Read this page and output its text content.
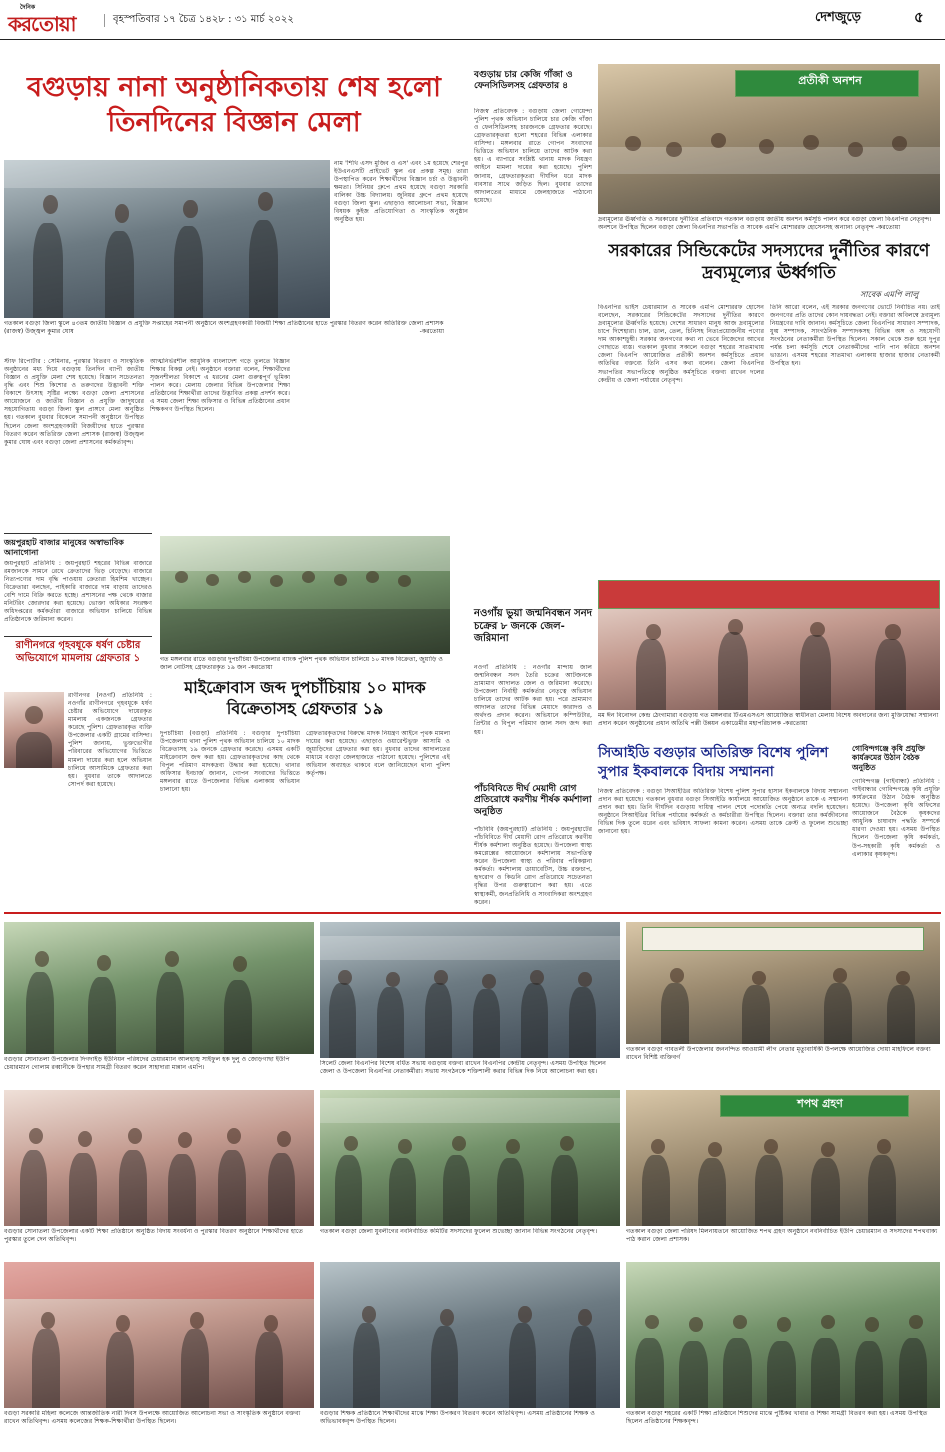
দৈনিক
করতোয়া	বৃহস্পতিবার ১৭ চৈত্র ১৪২৮ : ৩১ মার্চ ২০২২	দেশজুড়ে	৫
বগুড়ায় নানা অনুষ্ঠানিকতায় শেষ হলো তিনদিনের বিজ্ঞান মেলা
গতকাল বগুড়া জিলা স্কুলে ৪৩তম জাতীয় বিজ্ঞান ও প্রযুক্তি সপ্তাহের সমাপনী অনুষ্ঠানে অংশগ্রহণকারী বিজয়ী শিক্ষা প্রতিষ্ঠানের হাতে পুরস্কার বিতরণ করেন অতিরিক্ত জেলা প্রশাসক (রাজস্ব) উজ্জ্বল কুমার ঘোষ	-করতোয়া
স্টাফ রিপোর্টার : সেমিনার, পুরস্কার বিতরণ ও সাংস্কৃতিক অনুষ্ঠানের মধ্য দিয়ে বগুড়ায় তিনদিন ব্যাপী জাতীয় বিজ্ঞান ও প্রযুক্তি মেলা শেষ হয়েছে। বিজ্ঞান সচেতনতা বৃদ্ধি এবং শিশু কিশোর ও তরুণদের উদ্ভাবনী শক্তি বিকাশে উৎসাহ সৃষ্টির লক্ষ্যে বগুড়া জেলা প্রশাসনের আয়োজনে ও জাতীয় বিজ্ঞান ও প্রযুক্তি জাদুঘরের সহযোগিতায় বগুড়া জিলা স্কুল প্রাঙ্গণে মেলা অনুষ্ঠিত হয়। গতকাল বুধবার বিকেলে সমাপনী অনুষ্ঠানে উপস্থিত ছিলেন জেলা অংশগ্রহণকারী বিজয়ীদের হাতে পুরস্কার বিতরণ করেন অতিরিক্ত জেলা প্রশাসক (রাজস্ব) উজ্জ্বল কুমার ঘোষ এবং বগুড়া জেলা প্রশাসনের কর্মকর্তাবৃন্দ।
আত্মনির্ভরশীল আধুনিক বাংলাদেশ গড়ে তুলতে বিজ্ঞান শিক্ষার বিকল্প নেই। অনুষ্ঠানে বক্তারা বলেন, শিক্ষার্থীদের সৃজনশীলতা বিকাশে এ ধরনের মেলা গুরুত্বপূর্ণ ভূমিকা পালন করে। মেলায় জেলার বিভিন্ন উপজেলার শিক্ষা প্রতিষ্ঠানের শিক্ষার্থীরা তাদের উদ্ভাবিত প্রকল্প প্রদর্শন করে। এ সময় জেলা শিক্ষা অফিসার ও বিভিন্ন প্রতিষ্ঠানের প্রধান শিক্ষকগণ উপস্থিত ছিলেন।
নাম 'শিখি এসদ মুজিব ও এস' এবং ১ম হয়েছে শেরপুর ইউএনএসটি প্রাইভেট স্কুল এর প্রকল্প সমূহ। তারা উপস্থাপিত করেন শিক্ষার্থীদের বিজ্ঞান চর্চা ও উদ্ভাবনী ক্ষমতা। সিনিয়র গ্রুপে প্রথম হয়েছে বগুড়া সরকারি বালিকা উচ্চ বিদ্যালয়। জুনিয়র গ্রুপে প্রথম হয়েছে বগুড়া জিলা স্কুল। এছাড়াও আলোচনা সভা, বিজ্ঞান বিষয়ক কুইজ প্রতিযোগিতা ও সাংস্কৃতিক অনুষ্ঠান অনুষ্ঠিত হয়।
বগুড়ায় চার কেজি গাঁজা ও ফেনসিডিলসহ গ্রেফতার ৪
নিজস্ব প্রতিবেদক : বগুড়ায় জেলা গোয়েন্দা পুলিশ পৃথক অভিযান চালিয়ে চার কেজি গাঁজা ও ফেনসিডিলসহ চারজনকে গ্রেফতার করেছে। গ্রেফতারকৃতরা হলো শহরের বিভিন্ন এলাকার বাসিন্দা। মঙ্গলবার রাতে গোপন সংবাদের ভিত্তিতে অভিযান চালিয়ে তাদের আটক করা হয়। এ ব্যাপারে সংশ্লিষ্ট থানায় মাদক নিয়ন্ত্রণ আইনে মামলা দায়ের করা হয়েছে। পুলিশ জানায়, গ্রেফতারকৃতরা দীর্ঘদিন ধরে মাদক ব্যবসার সাথে জড়িত ছিল। বুধবার তাদের আদালতের মাধ্যমে জেলহাজতে পাঠানো হয়েছে।
প্রতীকী অনশন
দ্রব্যমূল্যের ঊর্ধ্বগতি ও সরকারের দুর্নীতির প্রতিবাদে গতকাল বগুড়ায় জাতীয় অনশন কর্মসূচি পালন করে বগুড়া জেলা বিএনপির নেতৃবৃন্দ। অনশনে উপস্থিত ছিলেন বগুড়া জেলা বিএনপির সভাপতি ও সাবেক এমপি মোশাররফ হোসেনসহ অন্যান্য নেতৃবৃন্দ -করতোয়া
সরকারের সিন্ডিকেটের সদস্যদের দুর্নীতির কারণে দ্রব্যমূল্যের ঊর্ধ্বগতি
সাবেক এমপি লালু
বিএনপির ভাইস চেয়ারম্যান ও সাবেক এমপি মোশাররফ হোসেন বলেছেন, সরকারের সিন্ডিকেটের সদস্যদের দুর্নীতির কারণে দ্রব্যমূল্যের ঊর্ধ্বগতি হয়েছে। দেশের সাধারণ মানুষ আজ দ্রব্যমূল্যের চাপে দিশেহারা। চাল, ডাল, তেল, চিনিসহ নিত্যপ্রয়োজনীয় পণ্যের দাম আকাশচুম্বী। সরকার জনগণের কথা না ভেবে নিজেদের আখের গোছাতে ব্যস্ত। গতকাল বুধবার সকালে বগুড়া শহরের সাতমাথায় জেলা বিএনপি আয়োজিত প্রতীকী অনশন কর্মসূচিতে প্রধান অতিথির বক্তব্যে তিনি এসব কথা বলেন। জেলা বিএনপির সভাপতির সভাপতিত্বে অনুষ্ঠিত কর্মসূচিতে বক্তব্য রাখেন দলের কেন্দ্রীয় ও জেলা পর্যায়ের নেতৃবৃন্দ।
তিনি আরো বলেন, এই সরকার জনগণের ভোটে নির্বাচিত নয়। তাই জনগণের প্রতি তাদের কোন দায়বদ্ধতা নেই। বক্তারা অবিলম্বে দ্রব্যমূল্য নিয়ন্ত্রণের দাবি জানান। কর্মসূচিতে জেলা বিএনপির সাধারণ সম্পাদক, যুগ্ম সম্পাদক, সাংগঠনিক সম্পাদকসহ বিভিন্ন অঙ্গ ও সহযোগী সংগঠনের নেতাকর্মীরা উপস্থিত ছিলেন। সকাল থেকে শুরু হয়ে দুপুর পর্যন্ত চলা কর্মসূচি শেষে নেতাকর্মীদের পানি পান করিয়ে অনশন ভাঙান। এসময় শহরের সাতমাথা এলাকায় হাজার হাজার নেতাকর্মী উপস্থিত হন।
জয়পুরহাট বাজার মানুষের অস্বাভাবিক আনাগোনা
জয়পুরহাট প্রতিনিধি : জয়পুরহাট শহরের বিভিন্ন বাজারে রমজানকে সামনে রেখে ক্রেতাদের ভিড় বেড়েছে। বাজারে নিত্যপণ্যের দাম বৃদ্ধি পাওয়ায় ক্রেতারা হিমশিম খাচ্ছেন। বিক্রেতারা বলছেন, পাইকারি বাজারে দাম বাড়ায় তাদেরও বেশি দামে বিক্রি করতে হচ্ছে। প্রশাসনের পক্ষ থেকে বাজার মনিটরিং জোরদার করা হয়েছে। ভোক্তা অধিকার সংরক্ষণ অধিদপ্তরের কর্মকর্তারা বাজারে অভিযান চালিয়ে বিভিন্ন প্রতিষ্ঠানকে জরিমানা করেন।
রাণীনগরে গৃহবধূকে ধর্ষণ চেষ্টার অভিযোগে মামলায় গ্রেফতার ১
রাণীনগর (নওগাঁ) প্রতিনিধি : নওগাঁর রাণীনগরে গৃহবধূকে ধর্ষণ চেষ্টার অভিযোগে দায়েরকৃত মামলায় একজনকে গ্রেফতার করেছে পুলিশ। গ্রেফতারকৃত ব্যক্তি উপজেলার একটি গ্রামের বাসিন্দা। পুলিশ জানায়, ভুক্তভোগীর পরিবারের অভিযোগের ভিত্তিতে মামলা দায়ের করা হলে অভিযান চালিয়ে আসামিকে গ্রেফতার করা হয়। বুধবার তাকে আদালতে সোপর্দ করা হয়েছে।
গত মঙ্গলবার রাতে বগুড়ার দুপচাঁচিয়া উপজেলার ব্যাংক পুলিশ পৃথক অভিযান চালিয়ে ১০ মাদক বিক্রেতা, জুয়াড়ি ও জাল নোটসহ গ্রেফতারকৃত ১৯ জন -করতোয়া
মাইক্রোবাস জব্দ দুপচাঁচিয়ায় ১০ মাদক বিক্রেতাসহ গ্রেফতার ১৯
দুপচাঁচিয়া (বগুড়া) প্রতিনিধি : বগুড়ার দুপচাঁচিয়া উপজেলায় থানা পুলিশ পৃথক অভিযান চালিয়ে ১০ মাদক বিক্রেতাসহ ১৯ জনকে গ্রেফতার করেছে। এসময় একটি মাইক্রোবাস জব্দ করা হয়। গ্রেফতারকৃতদের কাছ থেকে বিপুল পরিমাণ মাদকদ্রব্য উদ্ধার করা হয়েছে। থানার অফিসার ইনচার্জ জানান, গোপন সংবাদের ভিত্তিতে মঙ্গলবার রাতে উপজেলার বিভিন্ন এলাকায় অভিযান চালানো হয়।
গ্রেফতারকৃতদের বিরুদ্ধে মাদক নিয়ন্ত্রণ আইনে পৃথক মামলা দায়ের করা হয়েছে। এছাড়াও ওয়ারেন্টভুক্ত আসামি ও জুয়াড়িদের গ্রেফতার করা হয়। বুধবার তাদের আদালতের মাধ্যমে বগুড়া জেলহাজতে পাঠানো হয়েছে। পুলিশের এই অভিযান অব্যাহত থাকবে বলে জানিয়েছেন থানা পুলিশ কর্তৃপক্ষ।
নওগাঁয় ভুয়া জন্মনিবন্ধন সনদ চক্রের ৮ জনকে জেল-জরিমানা
নওগাঁ প্রতিনিধি : নওগাঁর মান্দায় জাল জন্মনিবন্ধন সনদ তৈরি চক্রের আটজনকে ভ্রাম্যমাণ আদালত জেল ও জরিমানা করেছে। উপজেলা নির্বাহী কর্মকর্তার নেতৃত্বে অভিযান চালিয়ে তাদের আটক করা হয়। পরে ভ্রাম্যমাণ আদালত তাদের বিভিন্ন মেয়াদে কারাদণ্ড ও অর্থদণ্ড প্রদান করেন। অভিযানে কম্পিউটার, প্রিন্টার ও বিপুল পরিমাণ জাল সনদ জব্দ করা হয়।
মম ঈন বিনোদন কেন্দ্র ঠেংগামারা বগুড়ায় গত মঙ্গলবার টিএমএসএস আয়োজিত স্বাধীনতা মেলায় বিশেষ অবদানের জন্য মুক্তিযোদ্ধা সম্মাননা প্রদান করেন অনুষ্ঠানের প্রধান অতিথি পল্লী উন্নয়ন একাডেমীর মহাপরিচালক -করতোয়া
পাঁচবিবিতে দীর্ঘ মেয়াদী রোগ প্রতিরোধে করণীয় শীর্ষক কর্মশালা অনুষ্ঠিত
পাঁচবিবি (জয়পুরহাট) প্রতিনিধি : জয়পুরহাটের পাঁচবিবিতে দীর্ঘ মেয়াদী রোগ প্রতিরোধে করণীয় শীর্ষক কর্মশালা অনুষ্ঠিত হয়েছে। উপজেলা স্বাস্থ্য কমপ্লেক্সের আয়োজনে কর্মশালায় সভাপতিত্ব করেন উপজেলা স্বাস্থ্য ও পরিবার পরিকল্পনা কর্মকর্তা। কর্মশালায় ডায়াবেটিস, উচ্চ রক্তচাপ, হৃদরোগ ও কিডনি রোগ প্রতিরোধে সচেতনতা বৃদ্ধির উপর গুরুত্বারোপ করা হয়। এতে স্বাস্থ্যকর্মী, জনপ্রতিনিধি ও সাংবাদিকরা অংশগ্রহণ করেন।
সিআইডি বগুড়ার অতিরিক্ত বিশেষ পুলিশ সুপার ইকবালকে বিদায় সম্মাননা
নিজস্ব প্রতিবেদক : বগুড়া সিআইডির অতিরিক্ত বিশেষ পুলিশ সুপার হাসান ইকবালকে বিদায় সম্মাননা প্রদান করা হয়েছে। গতকাল বুধবার বগুড়া সিআইডি কার্যালয়ে আয়োজিত অনুষ্ঠানে তাকে এ সম্মাননা প্রদান করা হয়। তিনি দীর্ঘদিন বগুড়ায় দায়িত্ব পালন শেষে পদোন্নতি পেয়ে অন্যত্র বদলি হয়েছেন। অনুষ্ঠানে সিআইডির বিভিন্ন পর্যায়ের কর্মকর্তা ও কর্মচারীরা উপস্থিত ছিলেন। বক্তারা তার কর্মজীবনের বিভিন্ন দিক তুলে ধরেন এবং ভবিষ্যৎ সাফল্য কামনা করেন। এসময় তাকে ক্রেস্ট ও ফুলেল শুভেচ্ছা জানানো হয়।
গোবিন্দগঞ্জে কৃষি প্রযুক্তি কার্যক্রমের উঠান বৈঠক অনুষ্ঠিত
গোবিন্দগঞ্জ (গাইবান্ধা) প্রতিনিধি : গাইবান্ধার গোবিন্দগঞ্জে কৃষি প্রযুক্তি কার্যক্রমের উঠান বৈঠক অনুষ্ঠিত হয়েছে। উপজেলা কৃষি অফিসের আয়োজনে বৈঠকে কৃষকদের আধুনিক চাষাবাদ পদ্ধতি সম্পর্কে ধারণা দেওয়া হয়। এসময় উপস্থিত ছিলেন উপজেলা কৃষি কর্মকর্তা, উপ-সহকারী কৃষি কর্মকর্তা ও এলাকার কৃষকবৃন্দ।
বগুড়ার সোনাতলা উপজেলার দিগদাইড় ইউনিয়ন পরিষদের চেয়ারম্যান আলহাজ্ব সাইফুল হক দুলু ও জোড়গাছা ইউপি চেয়ারম্যান গোলাম রব্বানীকে উপহার সামগ্রী বিতরণ করেন সাহাদারা মান্নান এমপি।
সিলেট জেলা বিএনপির বিশেষ বর্ধিত সভায় বগুড়ায় বক্তব্য রাখেন বিএনপির কেন্দ্রীয় নেতৃবৃন্দ। এসময় উপস্থিত ছিলেন জেলা ও উপজেলা বিএনপির নেতাকর্মীরা। সভায় সংগঠনকে শক্তিশালী করার বিভিন্ন দিক নিয়ে আলোচনা করা হয়।
গতকাল বগুড়া গাবতলী উপজেলার জননন্দিত আওয়ামী লীগ নেতার মৃত্যুবার্ষিকী উপলক্ষে আয়োজিত দোয়া মাহফিলে বক্তব্য রাখেন বিশিষ্ট ব্যক্তিবর্গ
বগুড়ার সোনাতলা উপজেলার একটি শিক্ষা প্রতিষ্ঠানে অনুষ্ঠিত বিদায় সংবর্ধনা ও পুরস্কার বিতরণ অনুষ্ঠানে শিক্ষার্থীদের হাতে পুরস্কার তুলে দেন অতিথিবৃন্দ।
গতকাল বগুড়া জেলা যুবলীগের নবনির্বাচিত কমিটির সদস্যদের ফুলেল শুভেচ্ছা জানান বিভিন্ন সংগঠনের নেতৃবৃন্দ।
শপথ গ্রহণ
গতকাল বগুড়া জেলা পরিষদ মিলনায়তনে আয়োজিত শপথ গ্রহণ অনুষ্ঠানে নবনির্বাচিত ইউপি চেয়ারম্যান ও সদস্যদের শপথবাক্য পাঠ করান জেলা প্রশাসক।
বগুড়া সরকারি মহিলা কলেজে আন্তর্জাতিক নারী দিবস উপলক্ষে আয়োজিত আলোচনা সভা ও সাংস্কৃতিক অনুষ্ঠানে বক্তব্য রাখেন অতিথিবৃন্দ। এসময় কলেজের শিক্ষক-শিক্ষার্থীরা উপস্থিত ছিলেন।
বগুড়ার শিক্ষক প্রতিষ্ঠানে শিক্ষার্থীদের মাঝে শিক্ষা উপকরণ বিতরণ করেন অতিথিবৃন্দ। এসময় প্রতিষ্ঠানের শিক্ষক ও অভিভাবকবৃন্দ উপস্থিত ছিলেন।
গতকাল বগুড়া শহরের একটি শিক্ষা প্রতিষ্ঠানে শিশুদের মাঝে পুষ্টিকর খাবার ও শিক্ষা সামগ্রী বিতরণ করা হয়। এসময় উপস্থিত ছিলেন প্রতিষ্ঠানের শিক্ষকবৃন্দ।
